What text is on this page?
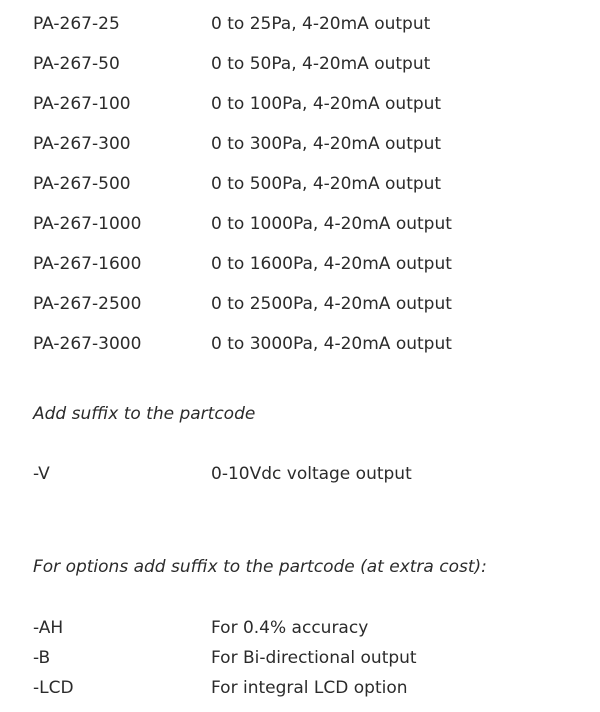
PA-267-25	0 to 25Pa, 4-20mA output
PA-267-50	0 to 50Pa, 4-20mA output
PA-267-100	0 to 100Pa, 4-20mA output
PA-267-300	0 to 300Pa, 4-20mA output
PA-267-500	0 to 500Pa, 4-20mA output
PA-267-1000	0 to 1000Pa, 4-20mA output
PA-267-1600	0 to 1600Pa, 4-20mA output
PA-267-2500	0 to 2500Pa, 4-20mA output
PA-267-3000	0 to 3000Pa, 4-20mA output
Add suffix to the partcode
-V	0-10Vdc voltage output
For options add suffix to the partcode (at extra cost):
-AH	For 0.4% accuracy
-B	For Bi-directional output
-LCD	For integral LCD option
